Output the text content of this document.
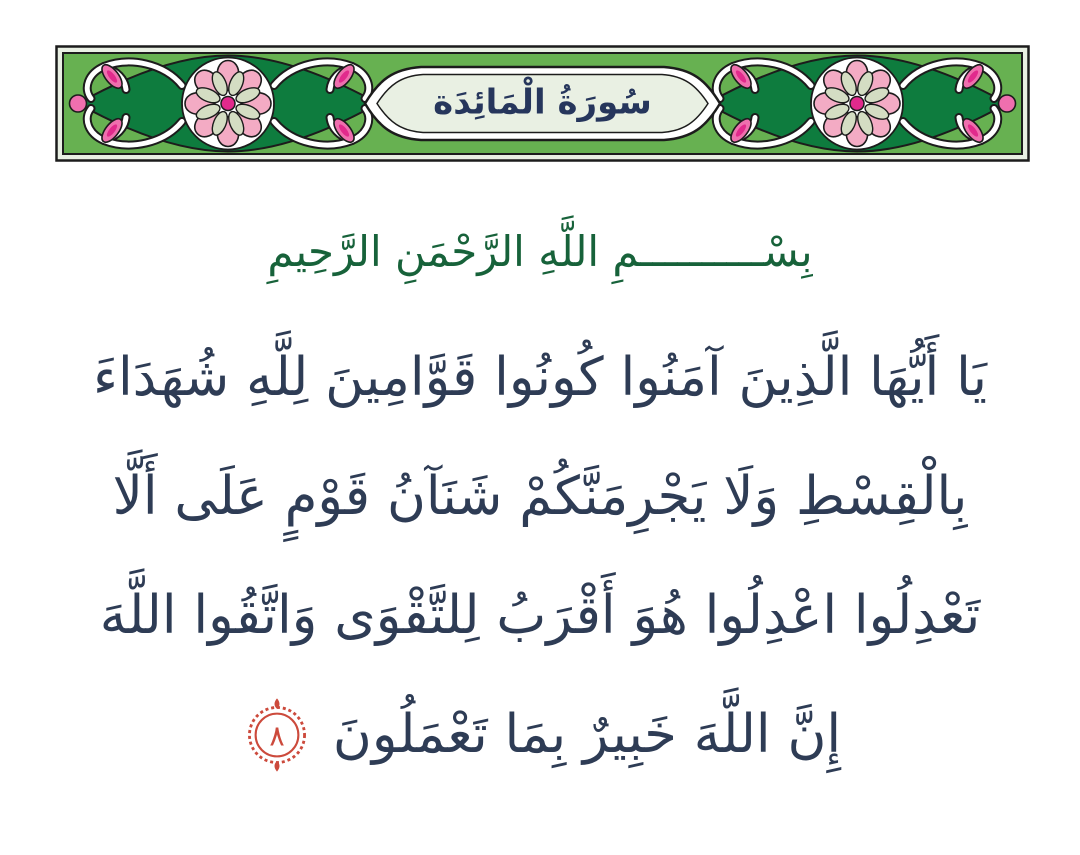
سُورَةُ الْمَائِدَة
بِسْــــــــــمِ اللَّهِ الرَّحْمَنِ الرَّحِيمِ
يَا أَيُّهَا الَّذِينَ آمَنُوا كُونُوا قَوَّامِينَ لِلَّهِ شُهَدَاءَ
بِالْقِسْطِ وَلَا يَجْرِمَنَّكُمْ شَنَآنُ قَوْمٍ عَلَى أَلَّا
تَعْدِلُوا اعْدِلُوا هُوَ أَقْرَبُ لِلتَّقْوَى وَاتَّقُوا اللَّهَ
إِنَّ اللَّهَ خَبِيرٌ بِمَا تَعْمَلُونَ
٨
